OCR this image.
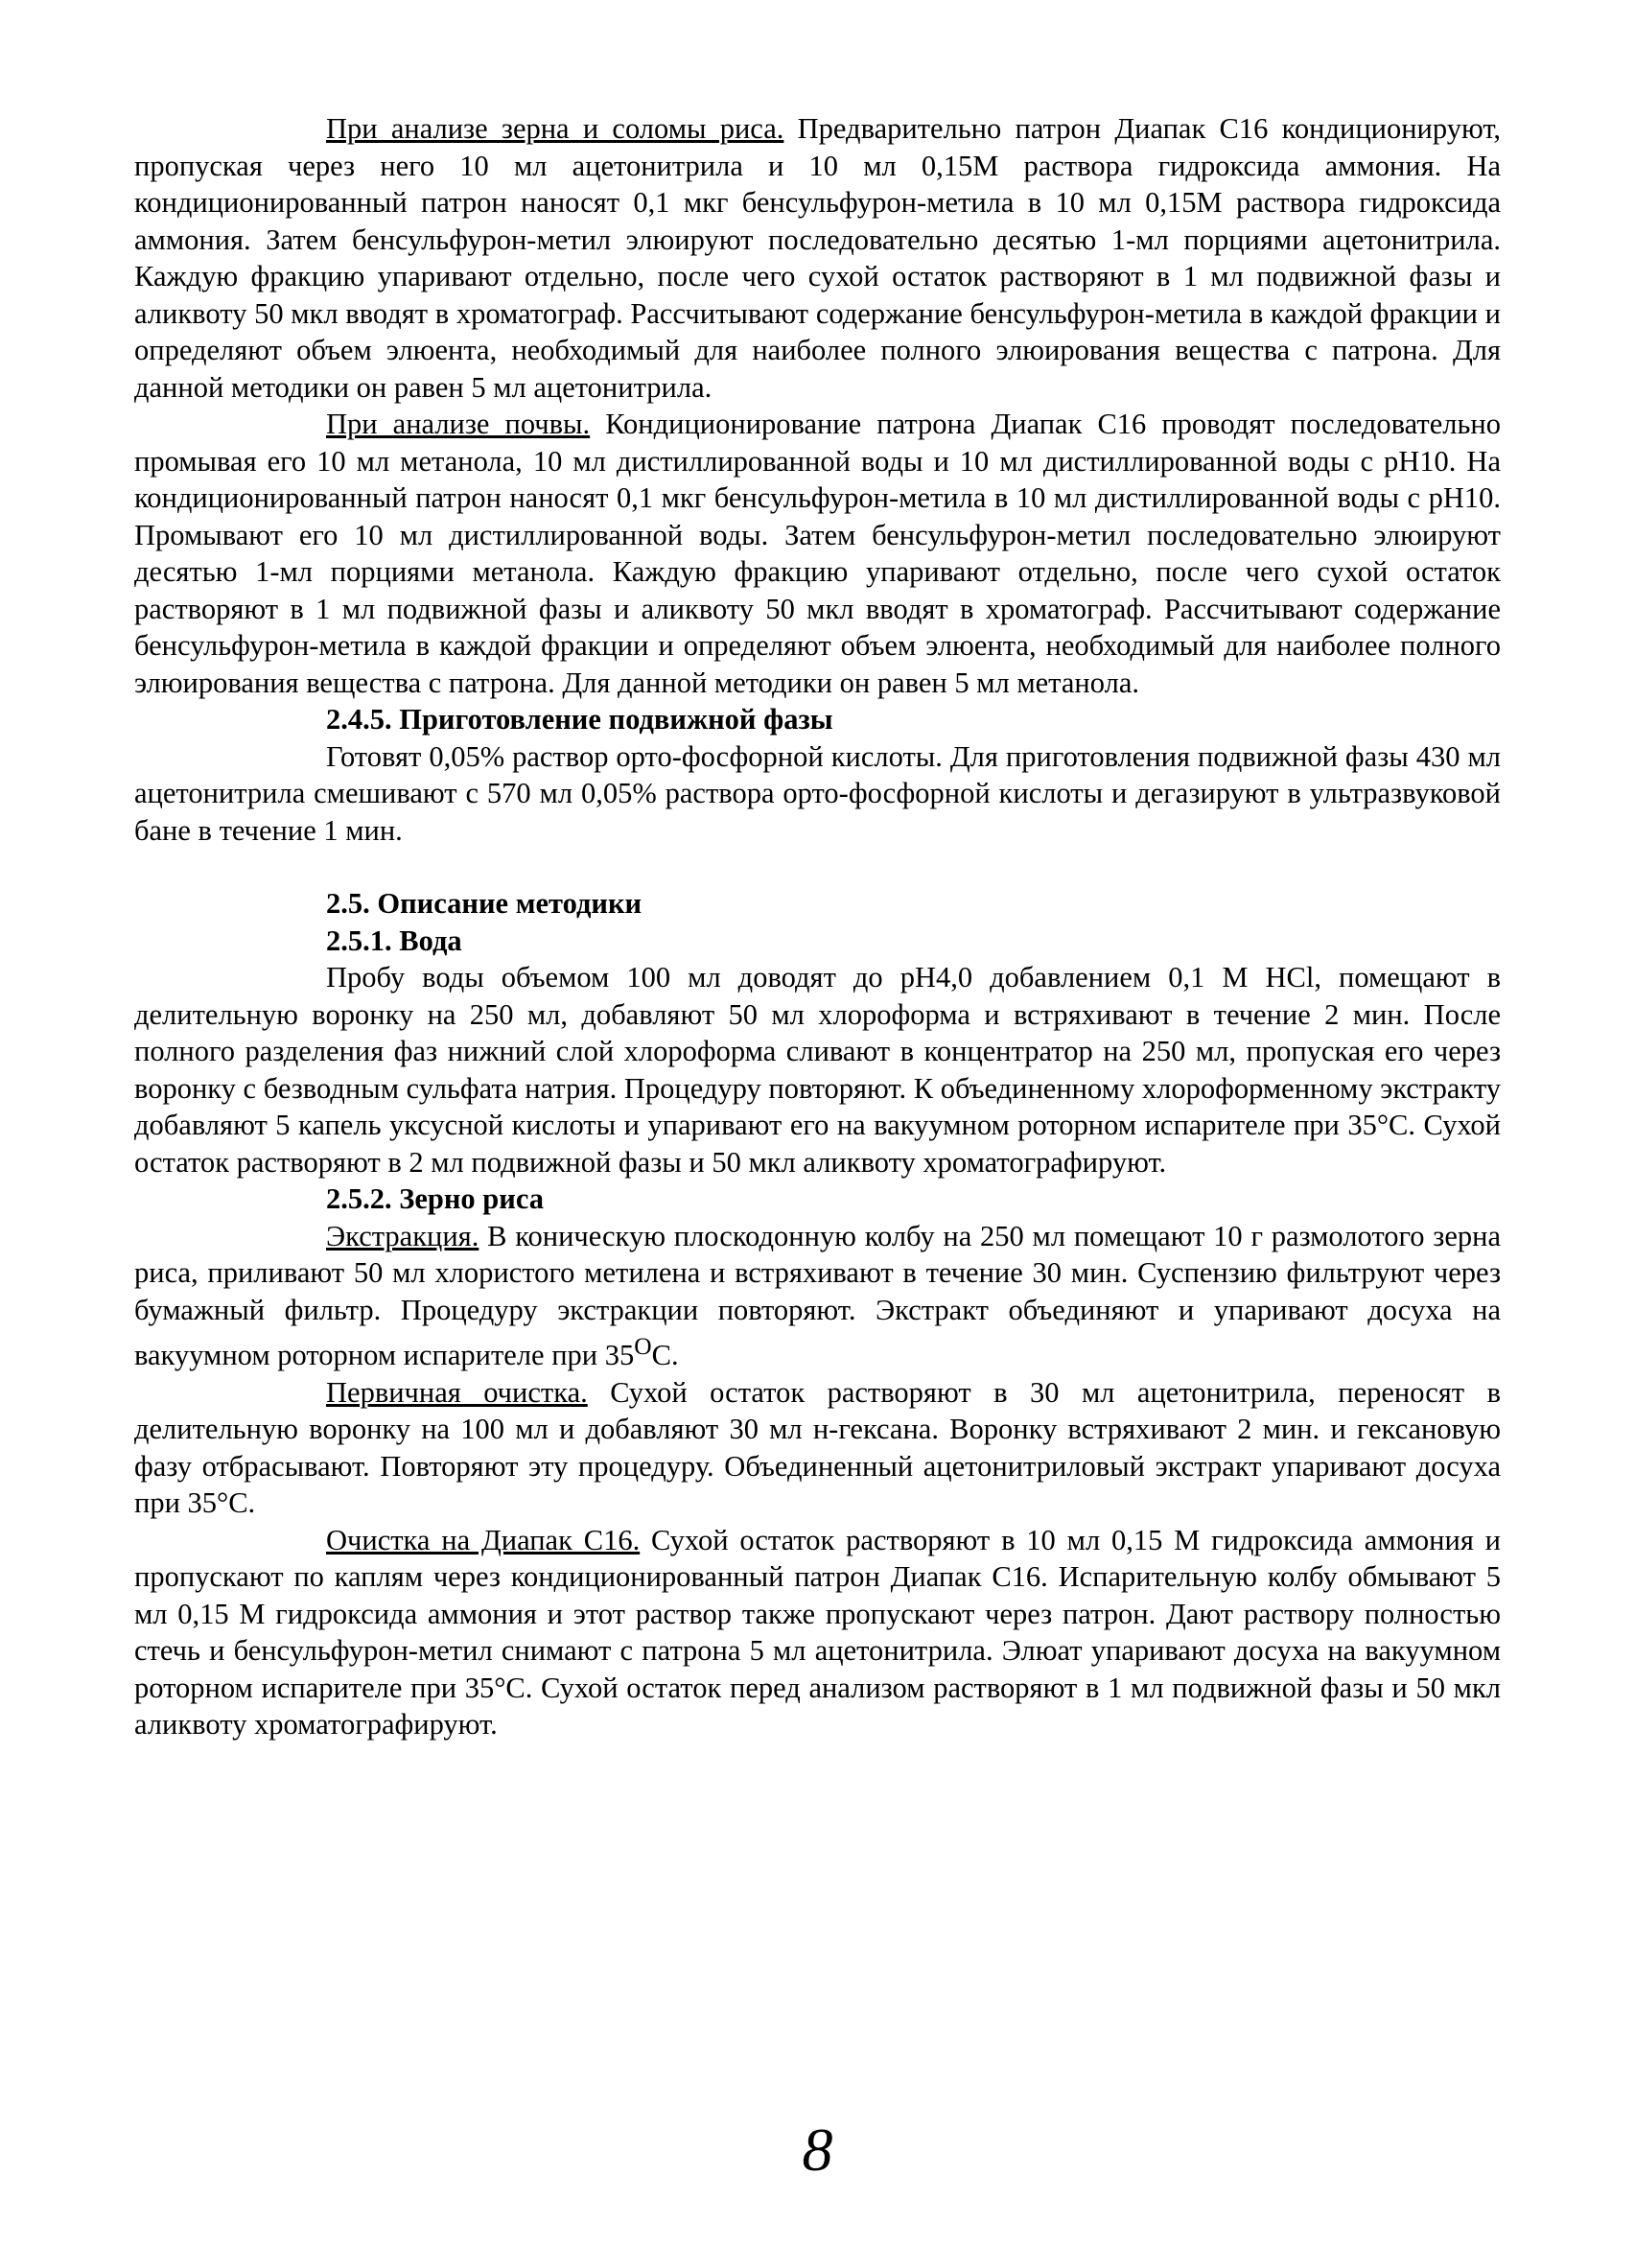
При анализе зерна и соломы риса. Предварительно патрон Диапак С16 кондиционируют, пропуская через него 10 мл ацетонитрила и 10 мл 0,15М раствора гидроксида аммония. На кондиционированный патрон наносят 0,1 мкг бенсульфурон-метила в 10 мл 0,15М раствора гидроксида аммония. Затем бенсульфурон-метил элюируют последовательно десятью 1-мл порциями ацетонитрила. Каждую фракцию упаривают отдельно, после чего сухой остаток растворяют в 1 мл подвижной фазы и аликвоту 50 мкл вводят в хроматограф. Рассчитывают содержание бенсульфурон-метила в каждой фракции и определяют объем элюента, необходимый для наиболее полного элюирования вещества с патрона. Для данной методики он равен 5 мл ацетонитрила.

При анализе почвы. Кондиционирование патрона Диапак С16 проводят последовательно промывая его 10 мл метанола, 10 мл дистиллированной воды и 10 мл дистиллированной воды с рН10. На кондиционированный патрон наносят 0,1 мкг бенсульфурон-метила в 10 мл дистиллированной воды с рН10. Промывают его 10 мл дистиллированной воды. Затем бенсульфурон-метил последовательно элюируют десятью 1-мл порциями метанола. Каждую фракцию упаривают отдельно, после чего сухой остаток растворяют в 1 мл подвижной фазы и аликвоту 50 мкл вводят в хроматограф. Рассчитывают содержание бенсульфурон-метила в каждой фракции и определяют объем элюента, необходимый для наиболее полного элюирования вещества с патрона. Для данной методики он равен 5 мл метанола.

2.4.5. Приготовление подвижной фазы

Готовят 0,05% раствор орто-фосфорной кислоты. Для приготовления подвижной фазы 430 мл ацетонитрила смешивают с 570 мл 0,05% раствора орто-фосфорной кислоты и дегазируют в ультразвуковой бане в течение 1 мин.

2.5. Описание методики
2.5.1. Вода

Пробу воды объемом 100 мл доводят до рН4,0 добавлением 0,1 М HCl, помещают в делительную воронку на 250 мл, добавляют 50 мл хлороформа и встряхивают в течение 2 мин. После полного разделения фаз нижний слой хлороформа сливают в концентратор на 250 мл, пропуская его через воронку с безводным сульфата натрия. Процедуру повторяют. К объединенному хлороформенному экстракту добавляют 5 капель уксусной кислоты и упаривают его на вакуумном роторном испарителе при 35°С. Сухой остаток растворяют в 2 мл подвижной фазы и 50 мкл аликвоту хроматографируют.

2.5.2. Зерно риса

Экстракция. В коническую плоскодонную колбу на 250 мл помещают 10 г размолотого зерна риса, приливают 50 мл хлористого метилена и встряхивают в течение 30 мин. Суспензию фильтруют через бумажный фильтр. Процедуру экстракции повторяют. Экстракт объединяют и упаривают досуха на вакуумном роторном испарителе при $35^OС$.

Первичная очистка. Сухой остаток растворяют в 30 мл ацетонитрила, переносят в делительную воронку на 100 мл и добавляют 30 мл н-гексана. Воронку встряхивают 2 мин. и гексановую фазу отбрасывают. Повторяют эту процедуру. Объединенный ацетонитриловый экстракт упаривают досуха при 35°С.

Очистка на Диапак С16. Сухой остаток растворяют в 10 мл 0,15 М гидроксида аммония и пропускают по каплям через кондиционированный патрон Диапак С16. Испарительную колбу обмывают 5 мл 0,15 М гидроксида аммония и этот раствор также пропускают через патрон. Дают раствору полностью стечь и бенсульфурон-метил снимают с патрона 5 мл ацетонитрила. Элюат упаривают досуха на вакуумном роторном испарителе при 35°С. Сухой остаток перед анализом растворяют в 1 мл подвижной фазы и 50 мкл аликвоту хроматографируют.

8
